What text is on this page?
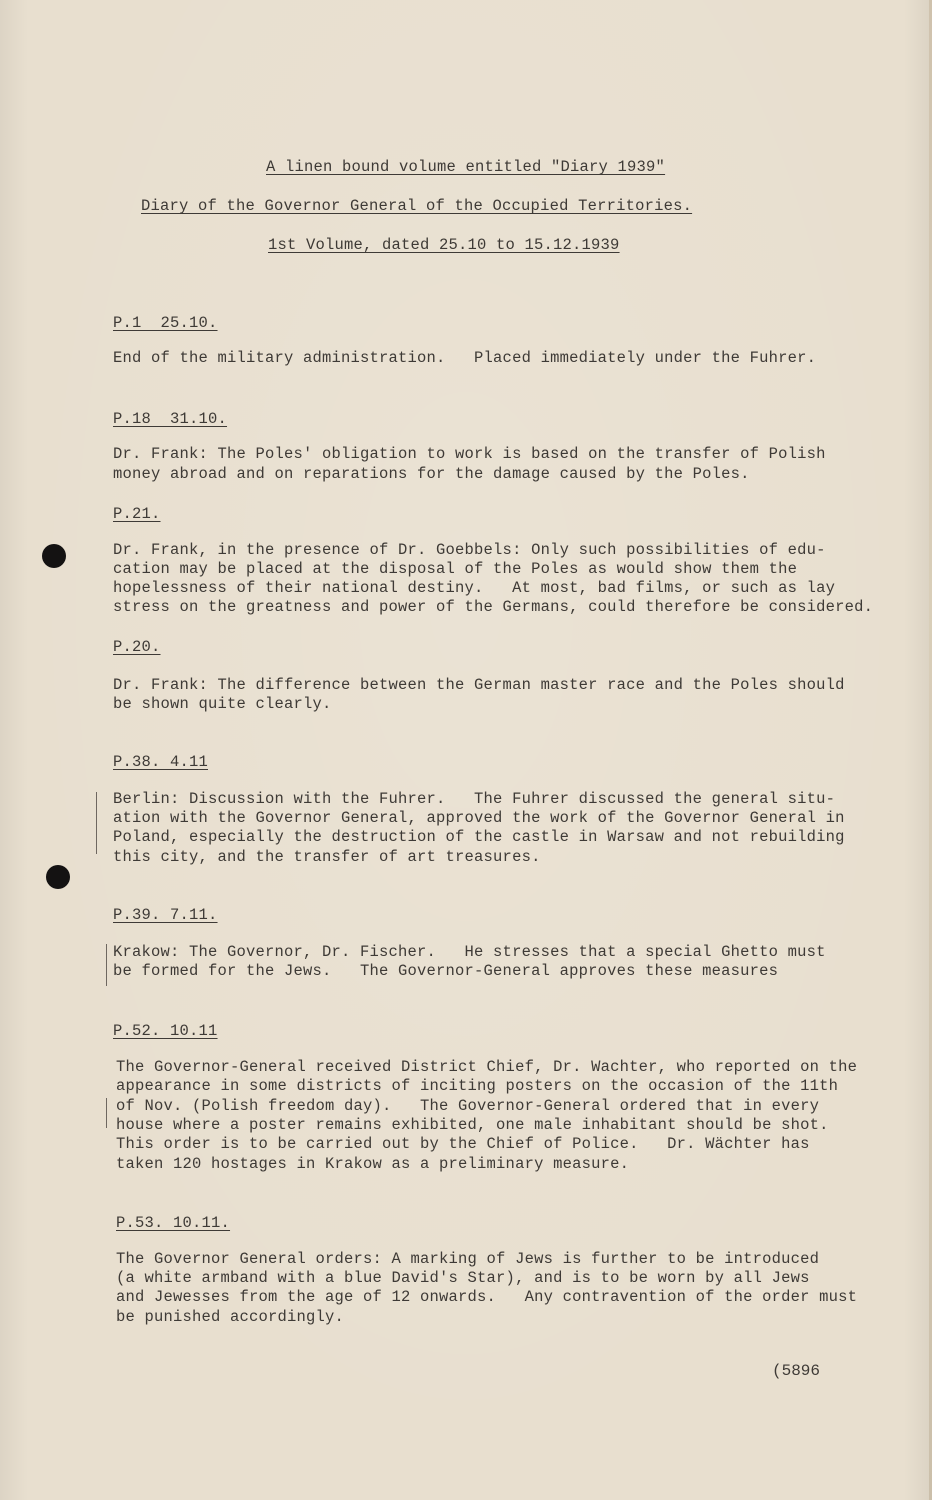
A linen bound volume entitled "Diary 1939"
Diary of the Governor General of the Occupied Territories.
1st Volume, dated 25.10 to 15.12.1939
P.1  25.10.
End of the military administration.   Placed immediately under the Fuhrer.
P.18  31.10.
Dr. Frank: The Poles' obligation to work is based on the transfer of Polish
money abroad and on reparations for the damage caused by the Poles.
P.21.
Dr. Frank, in the presence of Dr. Goebbels: Only such possibilities of edu-
cation may be placed at the disposal of the Poles as would show them the
hopelessness of their national destiny.   At most, bad films, or such as lay
stress on the greatness and power of the Germans, could therefore be considered.
P.20.
Dr. Frank: The difference between the German master race and the Poles should
be shown quite clearly.
P.38. 4.11
Berlin: Discussion with the Fuhrer.   The Fuhrer discussed the general situ-
ation with the Governor General, approved the work of the Governor General in
Poland, especially the destruction of the castle in Warsaw and not rebuilding
this city, and the transfer of art treasures.
P.39. 7.11.
Krakow: The Governor, Dr. Fischer.   He stresses that a special Ghetto must
be formed for the Jews.   The Governor-General approves these measures
P.52. 10.11
The Governor-General received District Chief, Dr. Wachter, who reported on the
appearance in some districts of inciting posters on the occasion of the 11th
of Nov. (Polish freedom day).   The Governor-General ordered that in every
house where a poster remains exhibited, one male inhabitant should be shot.
This order is to be carried out by the Chief of Police.   Dr. Wächter has
taken 120 hostages in Krakow as a preliminary measure.
P.53. 10.11.
The Governor General orders: A marking of Jews is further to be introduced
(a white armband with a blue David's Star), and is to be worn by all Jews
and Jewesses from the age of 12 onwards.   Any contravention of the order must
be punished accordingly.
(5896
